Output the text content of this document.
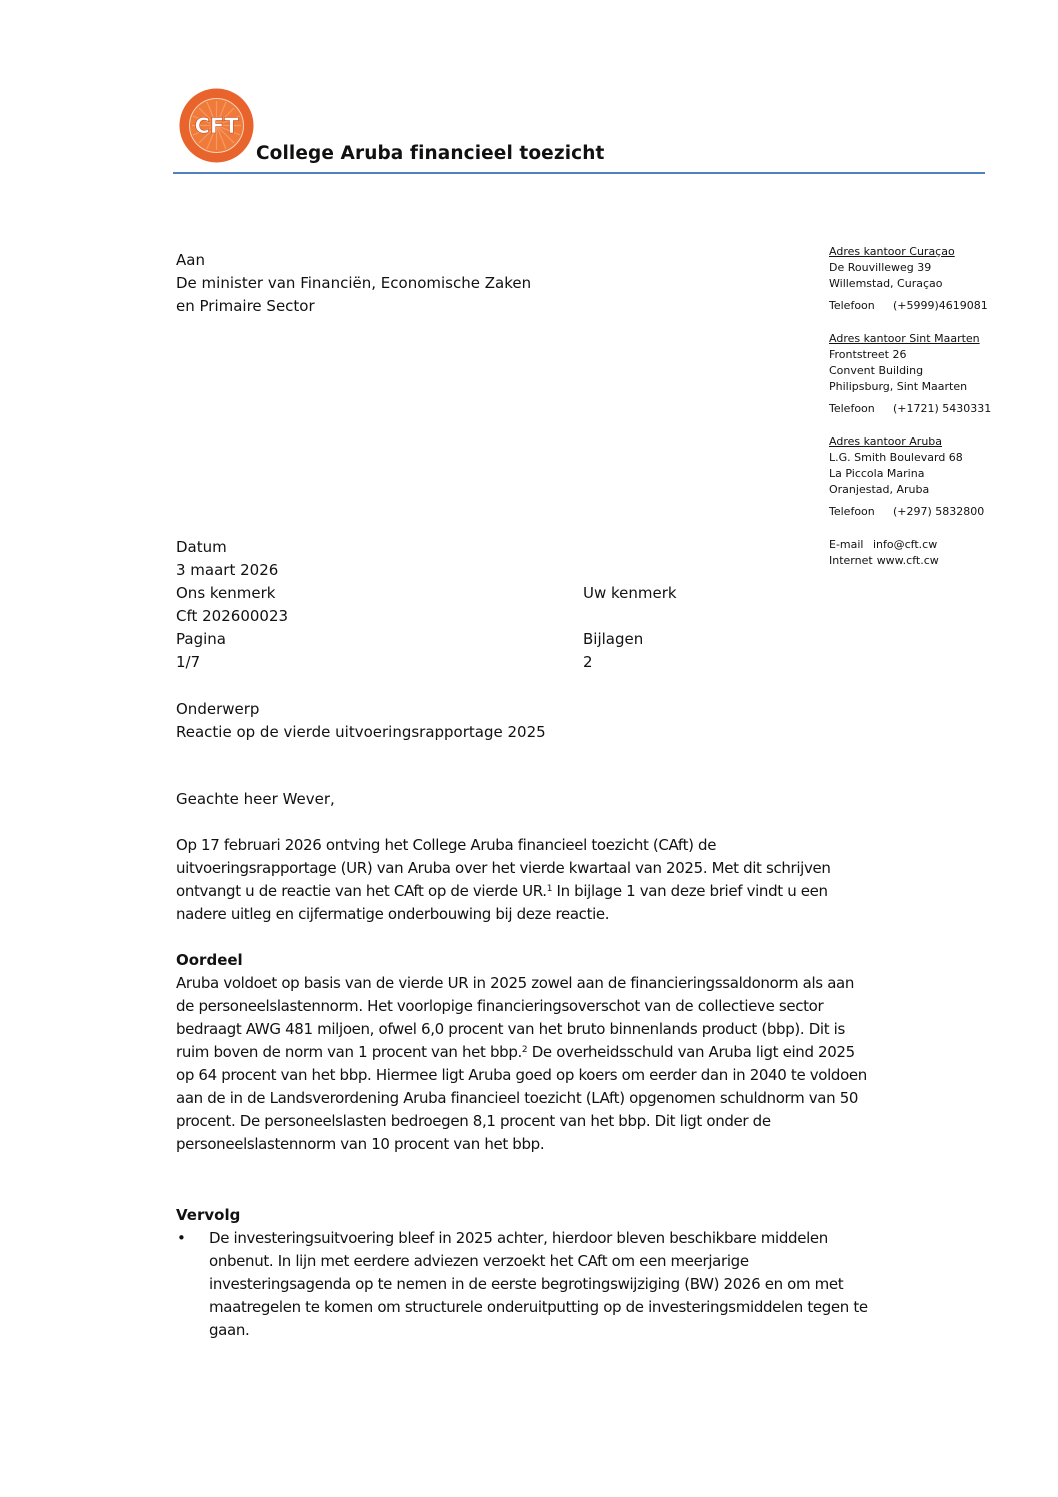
CFT
College Aruba financieel toezicht
Aan
De minister van Financiën, Economische Zaken
en Primaire Sector
Adres kantoor Curaçao
De Rouvilleweg 39
Willemstad, Curaçao
Telefoon (+5999)4619081
Adres kantoor Sint Maarten
Frontstreet 26
Convent Building
Philipsburg, Sint Maarten
Telefoon (+1721) 5430331
Adres kantoor Aruba
L.G. Smith Boulevard 68
La Piccola Marina
Oranjestad, Aruba
Telefoon (+297) 5832800
E-mail info@cft.cw
Internet www.cft.cw
Datum
3 maart 2026
Ons kenmerk	Uw kenmerk
Cft 202600023
Pagina	Bijlagen
1/7	2
Onderwerp
Reactie op de vierde uitvoeringsrapportage 2025
Geachte heer Wever,
Op 17 februari 2026 ontving het College Aruba financieel toezicht (CAft) de uitvoeringsrapportage (UR) van Aruba over het vierde kwartaal van 2025. Met dit schrijven ontvangt u de reactie van het CAft op de vierde UR.$^1$ In bijlage 1 van deze brief vindt u een nadere uitleg en cijfermatige onderbouwing bij deze reactie.
Oordeel
Aruba voldoet op basis van de vierde UR in 2025 zowel aan de financieringssaldonorm als aan de personeelslastennorm. Het voorlopige financieringsoverschot van de collectieve sector bedraagt AWG 481 miljoen, ofwel 6,0 procent van het bruto binnenlands product (bbp). Dit is ruim boven de norm van 1 procent van het bbp.$^2$ De overheidsschuld van Aruba ligt eind 2025 op 64 procent van het bbp. Hiermee ligt Aruba goed op koers om eerder dan in 2040 te voldoen aan de in de Landsverordening Aruba financieel toezicht (LAft) opgenomen schuldnorm van 50 procent. De personeelslasten bedroegen 8,1 procent van het bbp. Dit ligt onder de personeelslastennorm van 10 procent van het bbp.
Vervolg
•	De investeringsuitvoering bleef in 2025 achter, hierdoor bleven beschikbare middelen onbenut. In lijn met eerdere adviezen verzoekt het CAft om een meerjarige investeringsagenda op te nemen in de eerste begrotingswijziging (BW) 2026 en om met maatregelen te komen om structurele onderuitputting op de investeringsmiddelen tegen te gaan.
